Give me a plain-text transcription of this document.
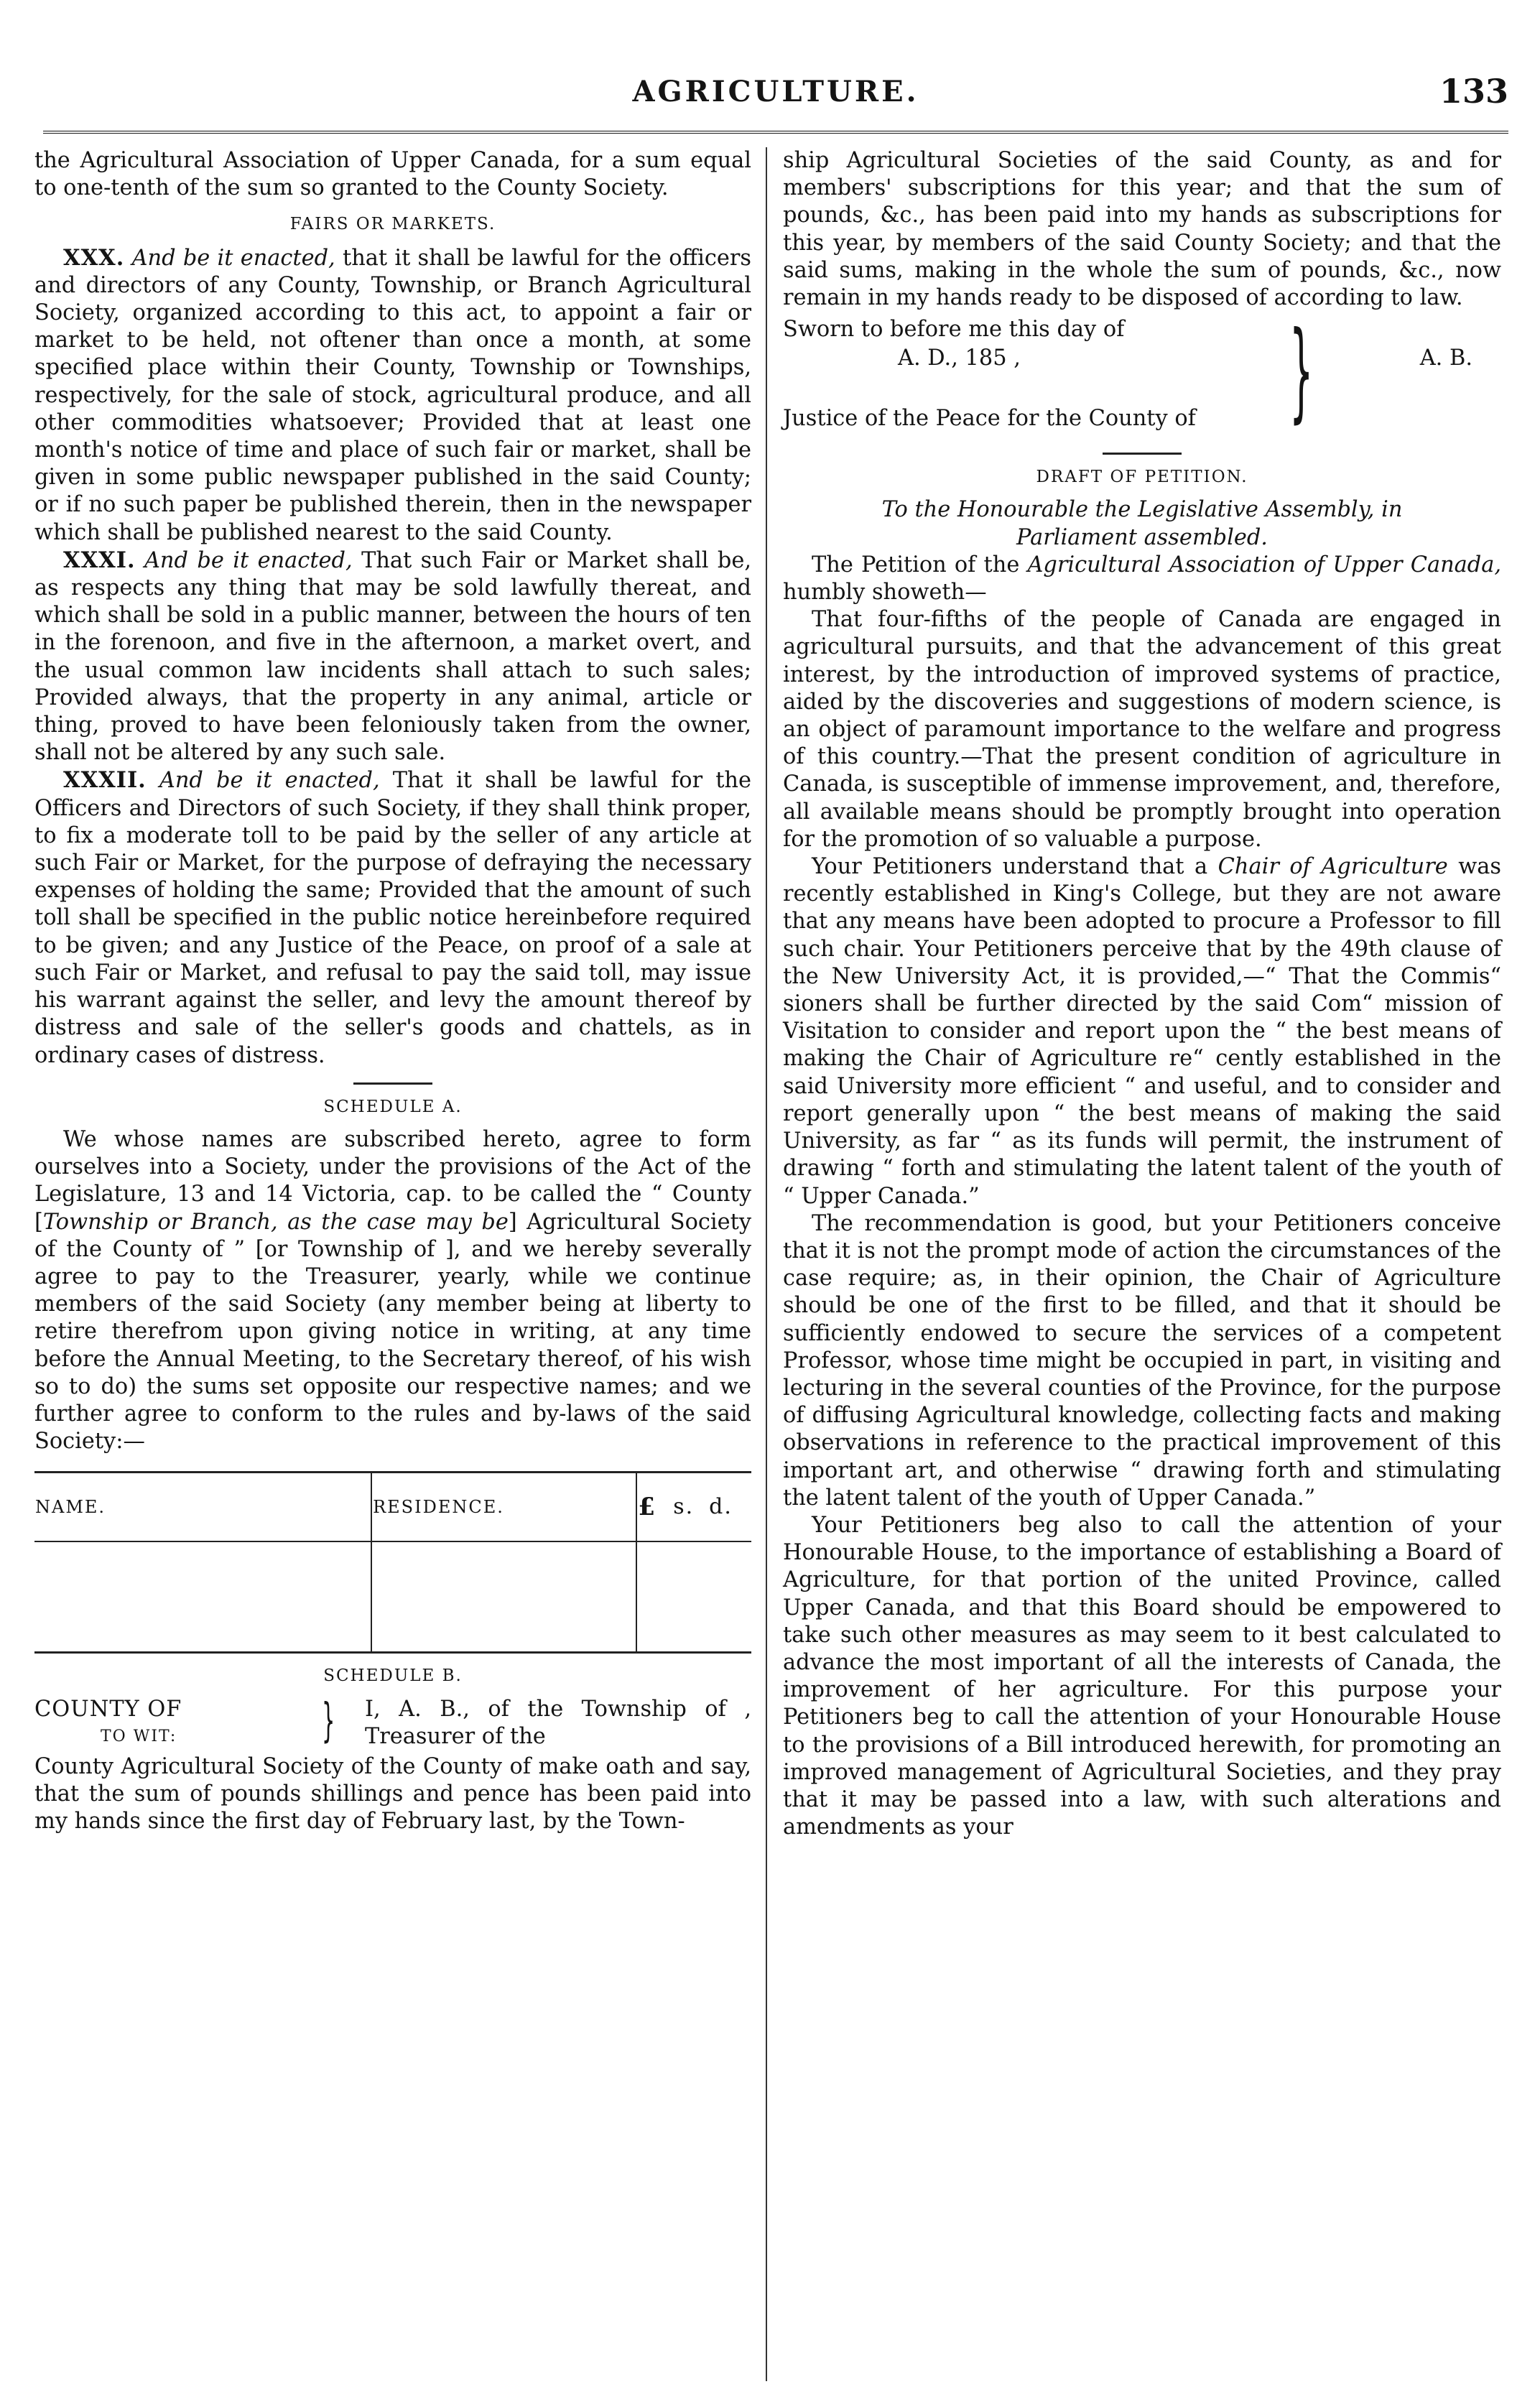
AGRICULTURE.	133

the Agricultural Association of Upper Canada, for a sum equal to one-tenth of the sum so granted to the County Society.

FAIRS OR MARKETS.

XXX. And be it enacted, that it shall be lawful for the officers and directors of any County, Township, or Branch Agricultural Society, organized according to this act, to appoint a fair or market to be held, not oftener than once a month, at some specified place within their County, Township or Townships, respectively, for the sale of stock, agricultural produce, and all other commodities whatsoever; Provided that at least one month's notice of time and place of such fair or market, shall be given in some public newspaper published in the said County; or if no such paper be published therein, then in the newspaper which shall be published nearest to the said County.

XXXI. And be it enacted, That such Fair or Market shall be, as respects any thing that may be sold lawfully thereat, and which shall be sold in a public manner, between the hours of ten in the forenoon, and five in the afternoon, a market overt, and the usual common law incidents shall attach to such sales; Provided always, that the property in any animal, article or thing, proved to have been feloniously taken from the owner, shall not be altered by any such sale.

XXXII. And be it enacted, That it shall be lawful for the Officers and Directors of such Society, if they shall think proper, to fix a moderate toll to be paid by the seller of any article at such Fair or Market, for the purpose of defraying the necessary expenses of holding the same; Provided that the amount of such toll shall be specified in the public notice hereinbefore required to be given; and any Justice of the Peace, on proof of a sale at such Fair or Market, and refusal to pay the said toll, may issue his warrant against the seller, and levy the amount thereof by distress and sale of the seller's goods and chattels, as in ordinary cases of distress.

SCHEDULE A.

We whose names are subscribed hereto, agree to form ourselves into a Society, under the provisions of the Act of the Legislature, 13 and 14 Victoria, cap. to be called the “ County [Township or Branch, as the case may be] Agricultural Society of the County of ” [or Township of ], and we hereby severally agree to pay to the Treasurer, yearly, while we continue members of the said Society (any member being at liberty to retire therefrom upon giving notice in writing, at any time before the Annual Meeting, to the Secretary thereof, of his wish so to do) the sums set opposite our respective names; and we further agree to conform to the rules and by-laws of the said Society:—

NAME.	RESIDENCE.	£	s.	d.

SCHEDULE B.
COUNTY OF
TO WIT:	} I, A. B., of the Township of , Treasurer of the

County Agricultural Society of the County of make oath and say, that the sum of pounds shillings and pence has been paid into my hands since the first day of February last, by the Town-

ship Agricultural Societies of the said County, as and for members' subscriptions for this year; and that the sum of pounds, &c., has been paid into my hands as subscriptions for this year, by members of the said County Society; and that the said sums, making in the whole the sum of pounds, &c., now remain in my hands ready to be disposed of according to law.

Sworn to before me this day of
A. D., 185 ,	A. B.
Justice of the Peace for the County of }
DRAFT OF PETITION.

To the Honourable the Legislative Assembly, in

Parliament assembled.

The Petition of the Agricultural Association of Upper Canada, humbly showeth—

That four-fifths of the people of Canada are engaged in agricultural pursuits, and that the advancement of this great interest, by the introduction of improved systems of practice, aided by the discoveries and suggestions of modern science, is an object of paramount importance to the welfare and progress of this country.—That the present condition of agriculture in Canada, is susceptible of immense improvement, and, therefore, all available means should be promptly brought into operation for the promotion of so valuable a purpose.

Your Petitioners understand that a Chair of Agriculture was recently established in King's College, but they are not aware that any means have been adopted to procure a Professor to fill such chair. Your Petitioners perceive that by the 49th clause of the New University Act, it is provided,—“ That the Commis“ sioners shall be further directed by the said Com“ mission of Visitation to consider and report upon the “ the best means of making the Chair of Agriculture re“ cently established in the said University more efficient “ and useful, and to consider and report generally upon “ the best means of making the said University, as far “ as its funds will permit, the instrument of drawing “ forth and stimulating the latent talent of the youth of “ Upper Canada.”

The recommendation is good, but your Petitioners conceive that it is not the prompt mode of action the circumstances of the case require; as, in their opinion, the Chair of Agriculture should be one of the first to be filled, and that it should be sufficiently endowed to secure the services of a competent Professor, whose time might be occupied in part, in visiting and lecturing in the several counties of the Province, for the purpose of diffusing Agricultural knowledge, collecting facts and making observations in reference to the practical improvement of this important art, and otherwise “ drawing forth and stimulating the latent talent of the youth of Upper Canada.”

Your Petitioners beg also to call the attention of your Honourable House, to the importance of establishing a Board of Agriculture, for that portion of the united Province, called Upper Canada, and that this Board should be empowered to take such other measures as may seem to it best calculated to advance the most important of all the interests of Canada, the improvement of her agriculture. For this purpose your Petitioners beg to call the attention of your Honourable House to the provisions of a Bill introduced herewith, for promoting an improved management of Agricultural Societies, and they pray that it may be passed into a law, with such alterations and amendments as your
